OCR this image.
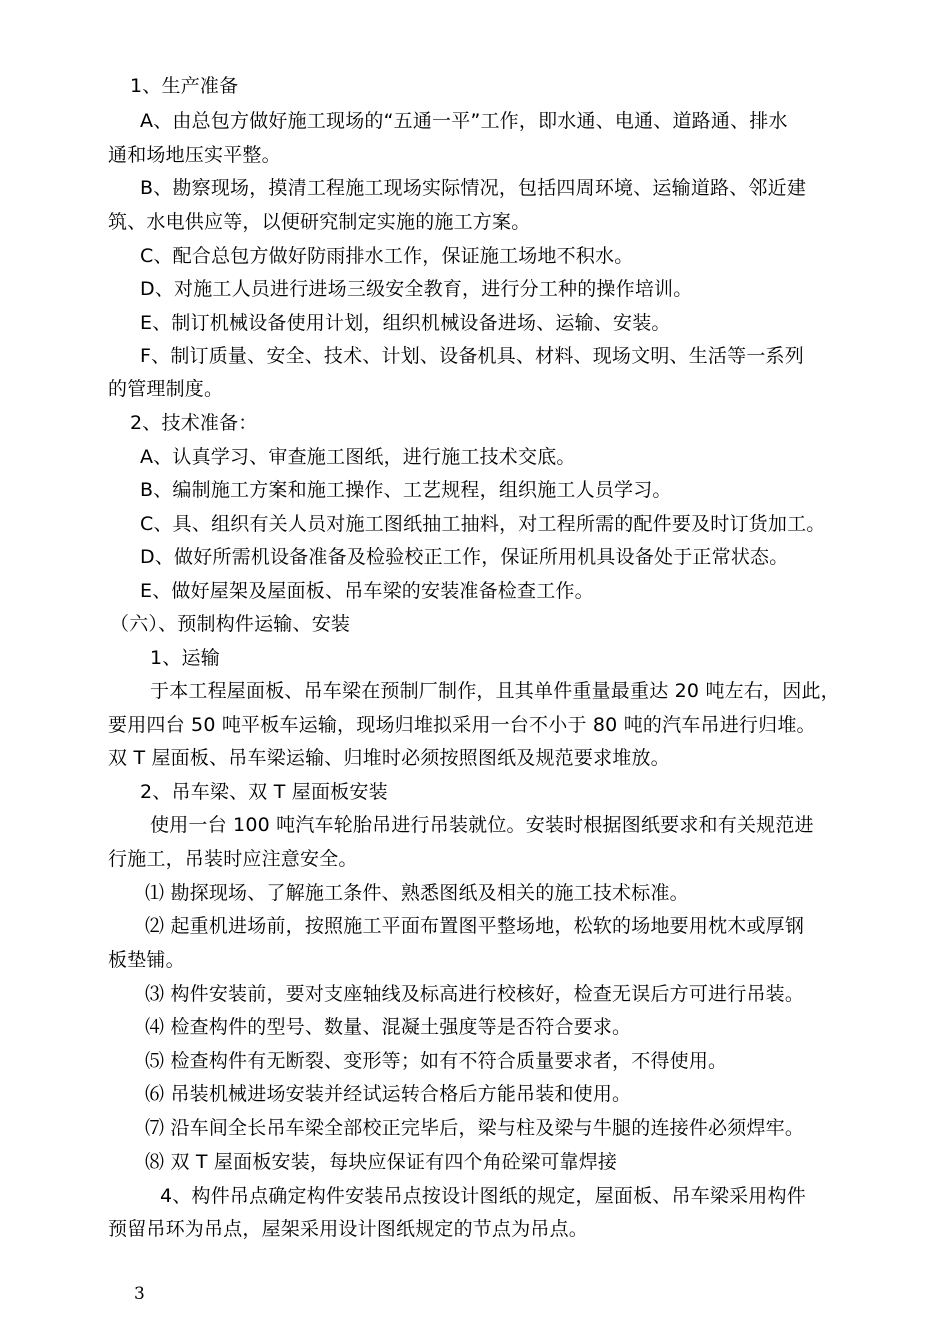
1、生产准备
A、由总包方做好施工现场的“五通一平”工作，即水通、电通、道路通、排水
通和场地压实平整。
B、勘察现场，摸清工程施工现场实际情况，包括四周环境、运输道路、邻近建
筑、水电供应等，以便研究制定实施的施工方案。
C、配合总包方做好防雨排水工作，保证施工场地不积水。
D、对施工人员进行进场三级安全教育，进行分工种的操作培训。
E、制订机械设备使用计划，组织机械设备进场、运输、安装。
F、制订质量、安全、技术、计划、设备机具、材料、现场文明、生活等一系列
的管理制度。
2、技术准备：
A、认真学习、审查施工图纸，进行施工技术交底。
B、编制施工方案和施工操作、工艺规程，组织施工人员学习。
C、具、组织有关人员对施工图纸抽工抽料，对工程所需的配件要及时订货加工。
D、做好所需机设备准备及检验校正工作，保证所用机具设备处于正常状态。
E、做好屋架及屋面板、吊车梁的安装准备检查工作。
（六）、预制构件运输、安装
1、运输
于本工程屋面板、吊车梁在预制厂制作，且其单件重量最重达 20 吨左右，因此，
要用四台 50 吨平板车运输，现场归堆拟采用一台不小于 80 吨的汽车吊进行归堆。
双 T 屋面板、吊车梁运输、归堆时必须按照图纸及规范要求堆放。
2、吊车梁、双 T 屋面板安装
使用一台 100 吨汽车轮胎吊进行吊装就位。安装时根据图纸要求和有关规范进
行施工，吊装时应注意安全。
⑴ 勘探现场、了解施工条件、熟悉图纸及相关的施工技术标准。
⑵ 起重机进场前，按照施工平面布置图平整场地，松软的场地要用枕木或厚钢
板垫铺。
⑶ 构件安装前，要对支座轴线及标高进行校核好，检查无误后方可进行吊装。
⑷ 检查构件的型号、数量、混凝土强度等是否符合要求。
⑸ 检查构件有无断裂、变形等；如有不符合质量要求者，不得使用。
⑹ 吊装机械进场安装并经试运转合格后方能吊装和使用。
⑺ 沿车间全长吊车梁全部校正完毕后，梁与柱及梁与牛腿的连接件必须焊牢。
⑻ 双 T 屋面板安装，每块应保证有四个角砼梁可靠焊接
4、构件吊点确定构件安装吊点按设计图纸的规定，屋面板、吊车梁采用构件
预留吊环为吊点，屋架采用设计图纸规定的节点为吊点。
3
